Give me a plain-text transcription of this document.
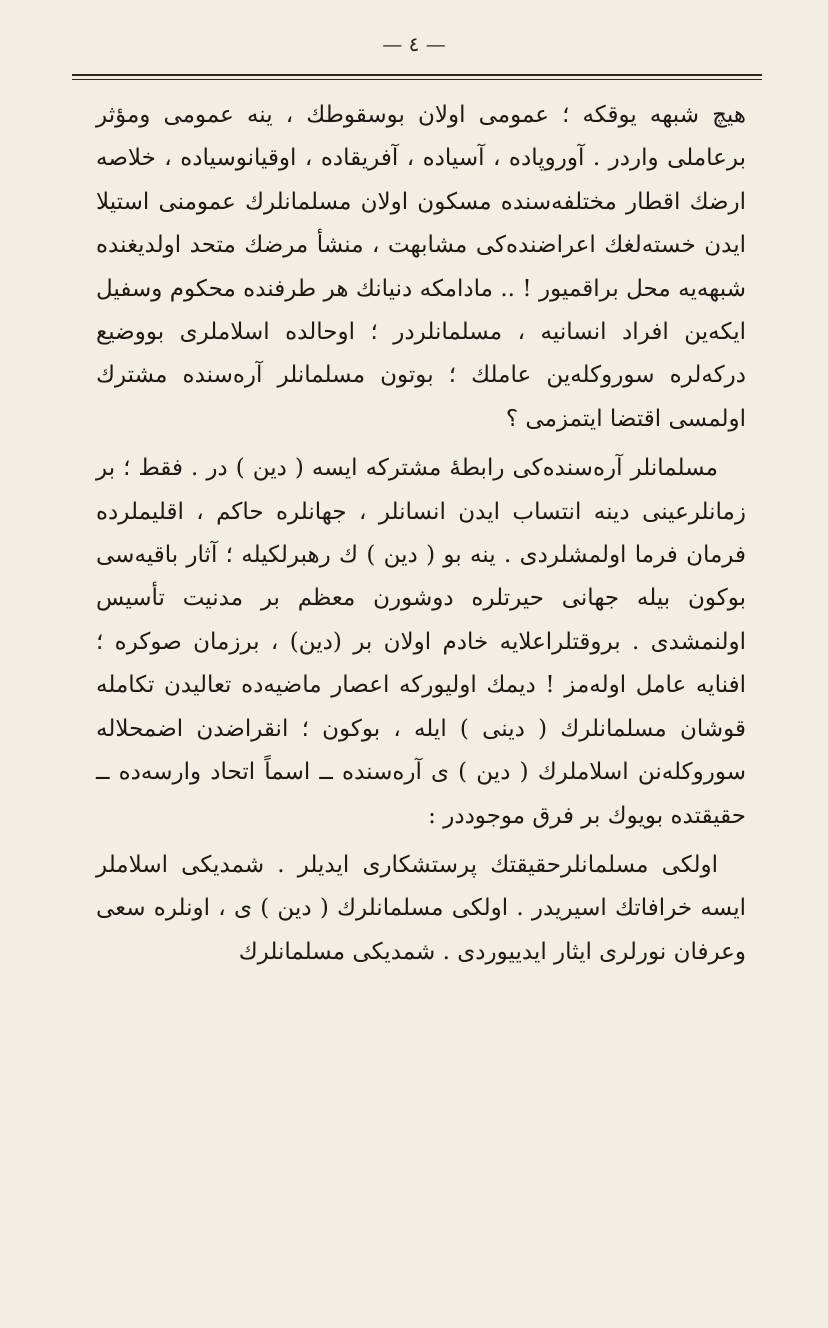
— ٤ —

هیچ شبهه یوقكه ؛ عمومی اولان بوسقوطك ، ینه عمومی ومؤثر برعاملی واردر . آوروپاده ، آسیاده ، آفریقاده ، اوقیانوسیاده ، خلاصه ارضك اقطار مختلفه‌سنده مسكون اولان مسلمانلرك عمومنی استیلا ایدن خسته‌لغك اعراضنده‌كی مشابهت ، منشأ مرضك متحد اولدیغنده شبهه‌یه محل براقمیور ! .. مادامكه دنیانك هر طرفنده محكوم وسفیل ایكه‌ین افراد انسانیه ، مسلمانلردر ؛ اوحالده اسلاملری بووضیع دركه‌لره سوروكله‌ین عاملك ؛ بوتون مسلمانلر آره‌سنده مشترك اولمسی اقتضا ایتمزمی ؟

مسلمانلر آره‌سنده‌كی رابطهٔ مشتركه ایسه ( دین ) در . فقط ؛ بر زمانلرعینی دینه انتساب ایدن انسانلر ، جهانلره حاكم ، اقلیملرده فرمان فرما اولمشلردی . ینه بو ( دین ) ك رهبرلكیله ؛ آثار باقیه‌سی بوكون بیله جهانی حیرتلره دوشورن معظم بر مدنیت تأسیس اولنمشدی . بروقتلراعلایه خادم اولان بر (دین) ، برزمان صوكره ؛ افنایه عامل اوله‌مز ! دیمك اولیوركه اعصار ماضیه‌ده تعالیدن تكامله قوشان مسلمانلرك ( دینی ) ایله ، بوكون ؛ انقراضدن اضمحلاله سوروكله‌نن اسلاملرك ( دین ) ی آره‌سنده ــ اسماً اتحاد وارسه‌ده ــ حقیقتده بویوك بر فرق موجوددر :

اولكی مسلمانلرحقیقتك پرستشكاری ایدیلر . شمدیكی اسلاملر ایسه خرافاتك اسیریدر . اولكی مسلمانلرك ( دین ) ی ، اونلره سعی وعرفان نورلری ایثار ایدییوردی . شمدیكی مسلمانلرك
